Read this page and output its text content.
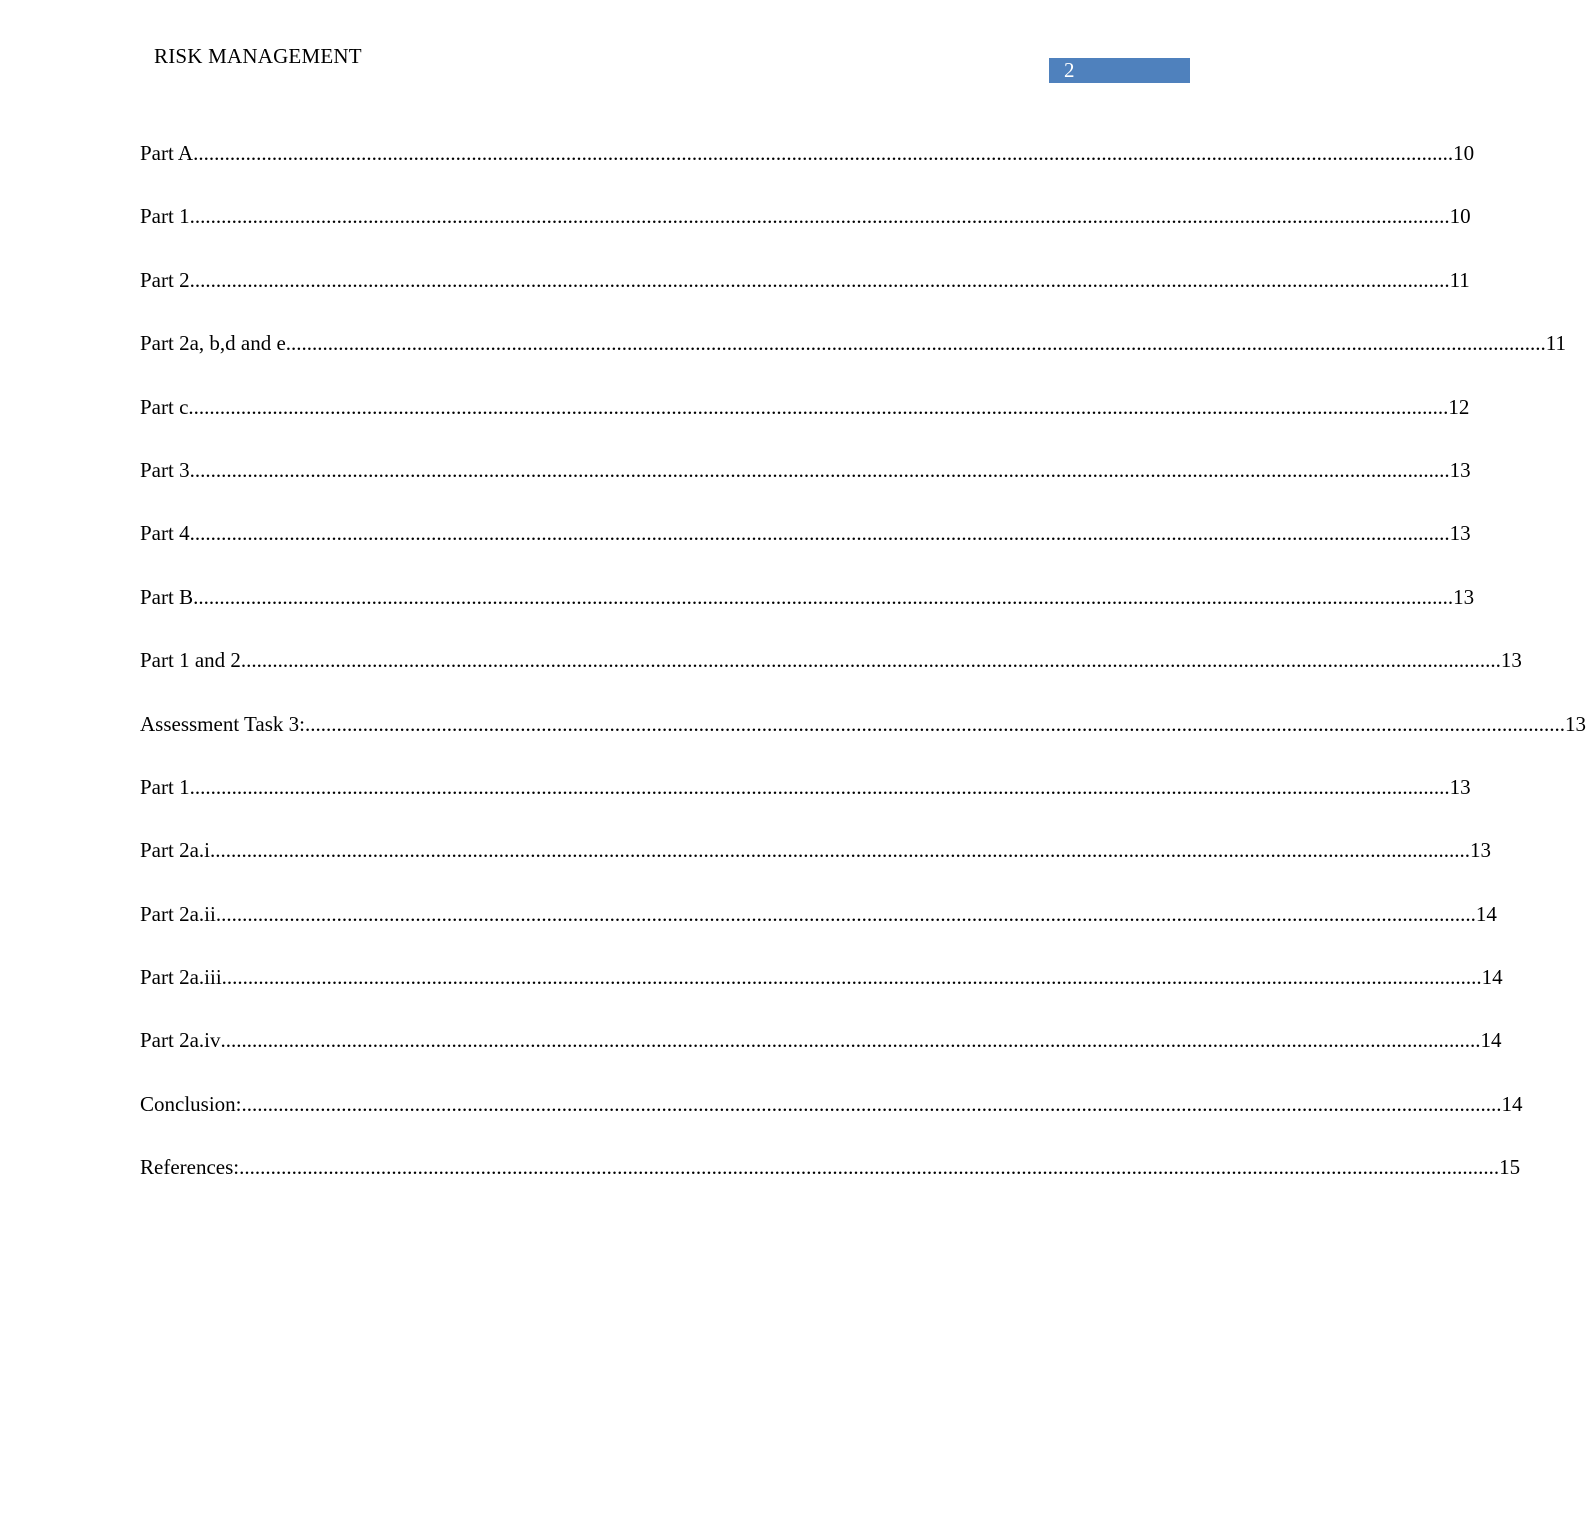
RISK MANAGEMENT
2
Part A ................................................................................................................................................................................................................................................ 10
Part 1 ................................................................................................................................................................................................................................................ 10
Part 2 ................................................................................................................................................................................................................................................ 11
Part 2a, b,d and e ................................................................................................................................................................................................................................................ 11
Part c ................................................................................................................................................................................................................................................ 12
Part 3 ................................................................................................................................................................................................................................................ 13
Part 4 ................................................................................................................................................................................................................................................ 13
Part B ................................................................................................................................................................................................................................................ 13
Part 1 and 2 ................................................................................................................................................................................................................................................ 13
Assessment Task 3: ................................................................................................................................................................................................................................................ 13
Part 1 ................................................................................................................................................................................................................................................ 13
Part 2a.i ................................................................................................................................................................................................................................................ 13
Part 2a.ii ................................................................................................................................................................................................................................................ 14
Part 2a.iii ................................................................................................................................................................................................................................................ 14
Part 2a.iv ................................................................................................................................................................................................................................................ 14
Conclusion: ................................................................................................................................................................................................................................................ 14
References: ................................................................................................................................................................................................................................................ 15
